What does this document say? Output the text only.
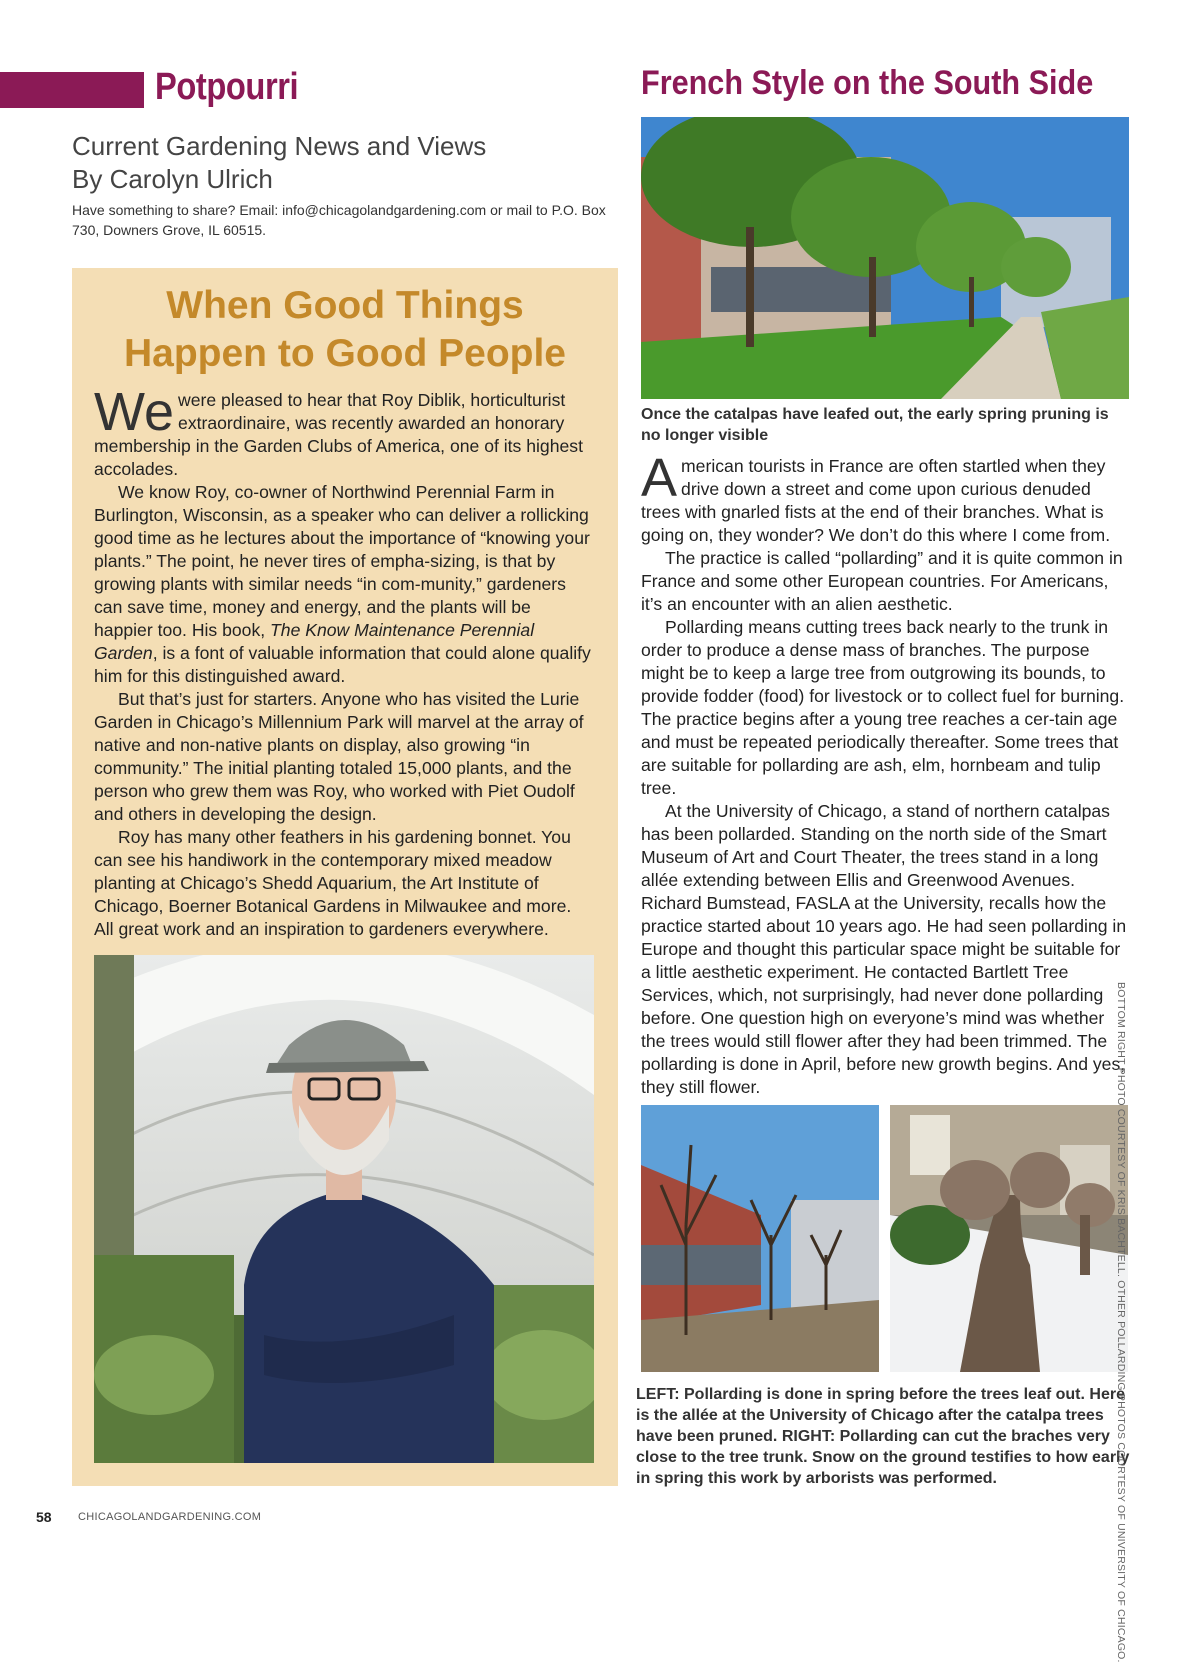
Potpourri
Current Gardening News and Views
By Carolyn Ulrich
Have something to share? Email: info@chicagolandgardening.com or mail to P.O. Box 730, Downers Grove, IL 60515.
When Good Things
Happen to Good People

We were pleased to hear that Roy Diblik, horticulturist extraordinaire, was recently awarded an honorary membership in the Garden Clubs of America, one of its highest accolades.

We know Roy, co-owner of Northwind Perennial Farm in Burlington, Wisconsin, as a speaker who can deliver a rollicking good time as he lectures about the importance of “knowing your plants.” The point, he never tires of empha-sizing, is that by growing plants with similar needs “in com-munity,” gardeners can save time, money and energy, and the plants will be happier too. His book, The Know Maintenance Perennial Garden, is a font of valuable information that could alone qualify him for this distinguished award.

But that’s just for starters. Anyone who has visited the Lurie Garden in Chicago’s Millennium Park will marvel at the array of native and non-native plants on display, also growing “in community.” The initial planting totaled 15,000 plants, and the person who grew them was Roy, who worked with Piet Oudolf and others in developing the design.

Roy has many other feathers in his gardening bonnet. You can see his handiwork in the contemporary mixed meadow planting at Chicago’s Shedd Aquarium, the Art Institute of Chicago, Boerner Botanical Gardens in Milwaukee and more. All great work and an inspiration to gardeners everywhere.

French Style on the South Side
Once the catalpas have leafed out, the early spring pruning is no longer visible

American tourists in France are often startled when they drive down a street and come upon curious denuded trees with gnarled fists at the end of their branches. What is going on, they wonder? We don’t do this where I come from.

The practice is called “pollarding” and it is quite common in France and some other European countries. For Americans, it’s an encounter with an alien aesthetic.

Pollarding means cutting trees back nearly to the trunk in order to produce a dense mass of branches. The purpose might be to keep a large tree from outgrowing its bounds, to provide fodder (food) for livestock or to collect fuel for burning. The practice begins after a young tree reaches a cer-tain age and must be repeated periodically thereafter. Some trees that are suitable for pollarding are ash, elm, hornbeam and tulip tree.

At the University of Chicago, a stand of northern catalpas has been pollarded. Standing on the north side of the Smart Museum of Art and Court Theater, the trees stand in a long allée extending between Ellis and Greenwood Avenues. Richard Bumstead, FASLA at the University, recalls how the practice started about 10 years ago. He had seen pollarding in Europe and thought this particular space might be suitable for a little aesthetic experiment. He contacted Bartlett Tree Services, which, not surprisingly, had never done pollarding before. One question high on everyone’s mind was whether the trees would still flower after they had been trimmed. The pollarding is done in April, before new growth begins. And yes, they still flower.

LEFT: Pollarding is done in spring before the trees leaf out. Here is the allée at the University of Chicago after the catalpa trees have been pruned. RIGHT: Pollarding can cut the braches very close to the tree trunk. Snow on the ground testifies to how early in spring this work by arborists was performed.	BOTTOM RIGHT PHOTO COURTESY OF KRIS BACHTELL. OTHER POLLARDING PHOTOS COURTESY OF UNIVERSITY OF CHICAGO.
58 CHICAGOLANDGARDENING.COM
